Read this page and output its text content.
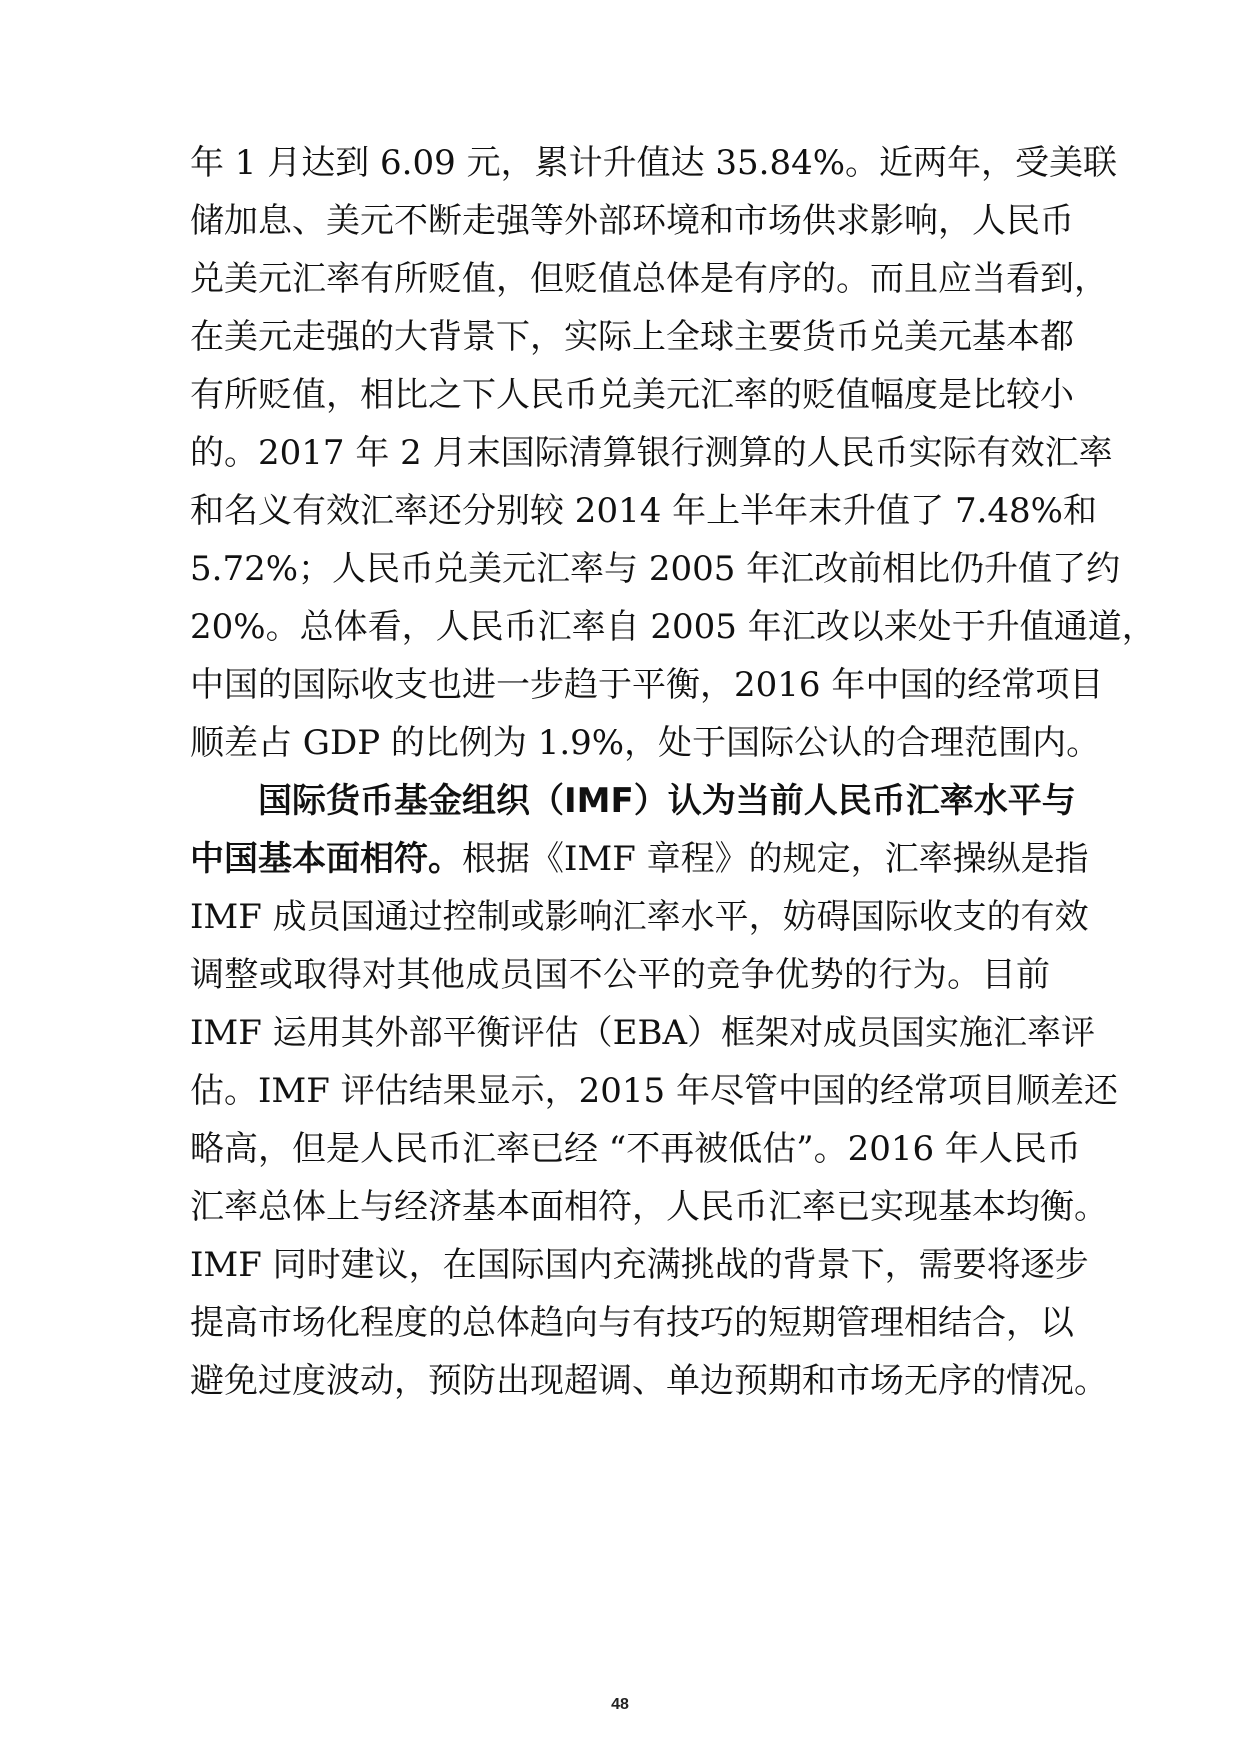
年 1 月达到 6.09 元，累计升值达 35.84%。近两年，受美联
储加息、美元不断走强等外部环境和市场供求影响，人民币
兑美元汇率有所贬值，但贬值总体是有序的。而且应当看到，
在美元走强的大背景下，实际上全球主要货币兑美元基本都
有所贬值，相比之下人民币兑美元汇率的贬值幅度是比较小
的。2017 年 2 月末国际清算银行测算的人民币实际有效汇率
和名义有效汇率还分别较 2014 年上半年末升值了 7.48%和
5.72%；人民币兑美元汇率与 2005 年汇改前相比仍升值了约
20%。总体看，人民币汇率自 2005 年汇改以来处于升值通道，
中国的国际收支也进一步趋于平衡，2016 年中国的经常项目
顺差占 GDP 的比例为 1.9%，处于国际公认的合理范围内。
国际货币基金组织（IMF）认为当前人民币汇率水平与
中国基本面相符。根据《IMF 章程》的规定，汇率操纵是指
IMF 成员国通过控制或影响汇率水平，妨碍国际收支的有效
调整或取得对其他成员国不公平的竞争优势的行为。目前
IMF 运用其外部平衡评估（EBA）框架对成员国实施汇率评
估。IMF 评估结果显示，2015 年尽管中国的经常项目顺差还
略高，但是人民币汇率已经 “不再被低估”。2016 年人民币
汇率总体上与经济基本面相符，人民币汇率已实现基本均衡。
IMF 同时建议，在国际国内充满挑战的背景下，需要将逐步
提高市场化程度的总体趋向与有技巧的短期管理相结合，以
避免过度波动，预防出现超调、单边预期和市场无序的情况。
48
